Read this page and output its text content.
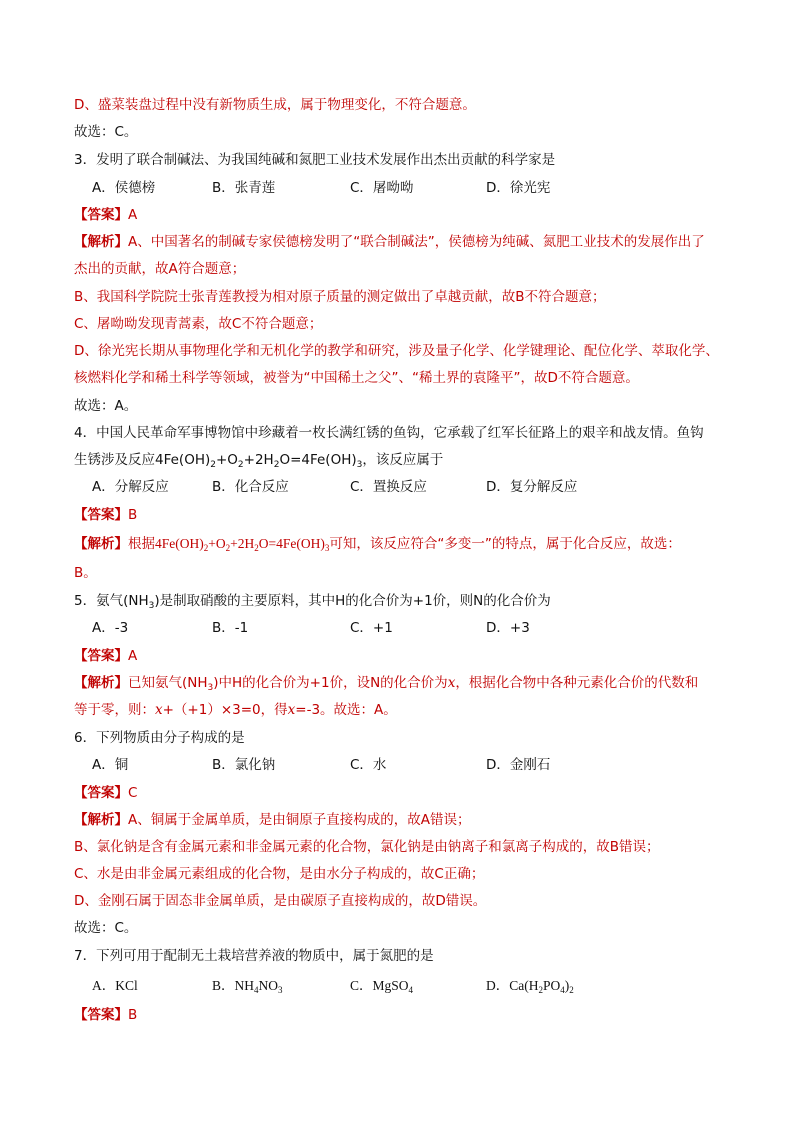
D、盛菜装盘过程中没有新物质生成，属于物理变化，不符合题意。
故选：C。
3．发明了联合制碱法、为我国纯碱和氮肥工业技术发展作出杰出贡献的科学家是
A．侯德榜	B．张青莲	C．屠呦呦	D．徐光宪
【答案】A
【解析】A、中国著名的制碱专家侯德榜发明了“联合制碱法”，侯德榜为纯碱、氮肥工业技术的发展作出了
杰出的贡献，故A符合题意；
B、我国科学院院士张青莲教授为相对原子质量的测定做出了卓越贡献，故B不符合题意；
C、屠呦呦发现青蒿素，故C不符合题意；
D、徐光宪长期从事物理化学和无机化学的教学和研究，涉及量子化学、化学键理论、配位化学、萃取化学、
核燃料化学和稀土科学等领域，被誉为“中国稀土之父”、“稀土界的袁隆平”，故D不符合题意。
故选：A。
4．中国人民革命军事博物馆中珍藏着一枚长满红锈的鱼钩，它承载了红军长征路上的艰辛和战友情。鱼钩
生锈涉及反应$4Fe(OH)_2+O_2+2H_2O=4Fe(OH)_3$，该反应属于
A．分解反应	B．化合反应	C．置换反应	D．复分解反应
【答案】B
【解析】根据$4Fe(OH)_2+O_2+2H_2O=4Fe(OH)_3$可知，该反应符合“多变一”的特点，属于化合反应，故选：
B。
5．氨气$(NH_3)$是制取硝酸的主要原料，其中H的化合价为+1价，则N的化合价为
A．-3	B．-1	C．+1	D．+3
【答案】A
【解析】已知氨气$(NH_3)$中H的化合价为+1价，设N的化合价为x，根据化合物中各种元素化合价的代数和
等于零，则：x+（+1）×3=0，得x=-3。故选：A。
6．下列物质由分子构成的是
A．铜	B．氯化钠	C．水	D．金刚石
【答案】C
【解析】A、铜属于金属单质，是由铜原子直接构成的，故A错误；
B、氯化钠是含有金属元素和非金属元素的化合物，氯化钠是由钠离子和氯离子构成的，故B错误；
C、水是由非金属元素组成的化合物，是由水分子构成的，故C正确；
D、金刚石属于固态非金属单质，是由碳原子直接构成的，故D错误。
故选：C。
7．下列可用于配制无土栽培营养液的物质中，属于氮肥的是
A．KCl	B．$NH_4NO_3$	C．MgSO$_4$	D．$Ca(H_2PO_4)_2$
【答案】B
